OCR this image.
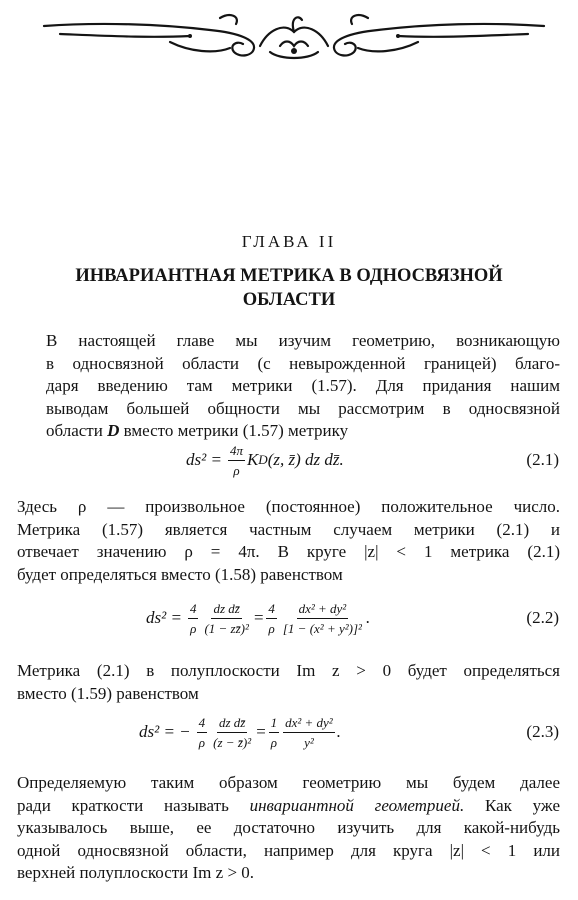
ГЛАВА II
ИНВАРИАНТНАЯ МЕТРИКА В ОДНОСВЯЗНОЙ
ОБЛАСТИ
В настоящей главе мы изучим геометрию, возникающую
в односвязной области (с невырожденной границей) благо-
даря введению там метрики (1.57). Для придания нашим
выводам большей общности мы рассмотрим в односвязной
области D вместо метрики (1.57) метрику
$ds^2 = \frac{4\pi}{\rho}$ K D (z, z̄) dz dz̄.	(2.1)
Здесь ρ — произвольное (постоянное) положительное число.
Метрика (1.57) является частным случаем метрики (2.1) и
отвечает значению ρ = 4π. В круге |z| < 1 метрика (2.1)
будет определяться вместо (1.58) равенством
$ds^2 = \frac{4}{\rho} \frac{\text{dz dz̄}}{\text{(1 − zz̄)²}} = \frac{4}{\rho} \frac{\text{dx² + dy²}}{\text{[1 − (x² + y²)]²}}$ .	(2.2)
Метрика (2.1) в полуплоскости Im z > 0 будет определяться
вместо (1.59) равенством
ds² = − $\frac{4}{\rho} \frac{\text{dz dz̄}}{\text{(z − z̄)²}} = \frac{1}{\rho} \frac{\text{dx² + dy²}}{\text{y²}}$ .	(2.3)
Определяемую таким образом геометрию мы будем далее
ради краткости называть инвариантной геометрией. Как уже
указывалось выше, ее достаточно изучить для какой-нибудь
одной односвязной области, например для круга |z| < 1 или
верхней полуплоскости Im z > 0.
